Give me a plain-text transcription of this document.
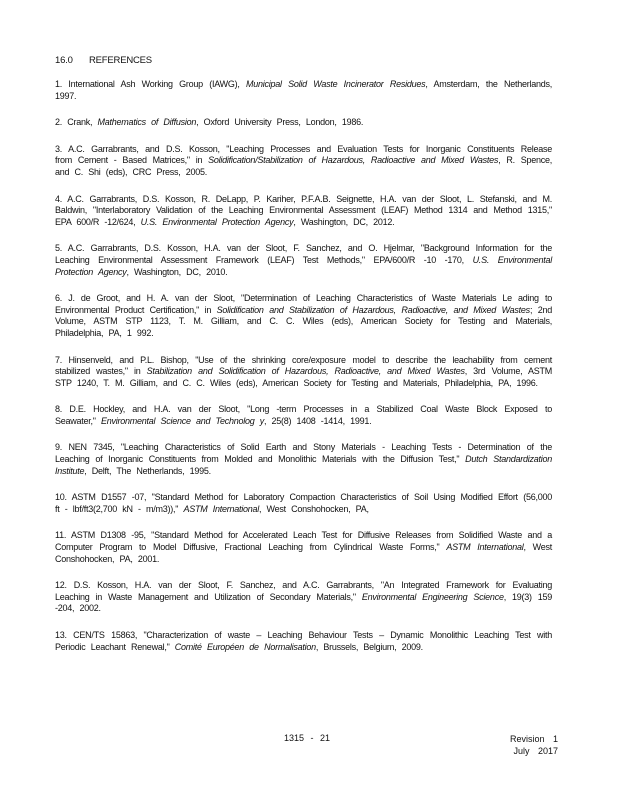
16.0 REFERENCES

1. International Ash Working Group (IAWG), Municipal Solid Waste Incinerator Residues, Amsterdam, the Netherlands, 1997.

2. Crank, Mathematics of Diffusion, Oxford University Press, London, 1986.

3. A.C. Garrabrants, and D.S. Kosson, "Leaching Processes and Evaluation Tests for Inorganic Constituents Release from Cement - Based Matrices," in Solidification/Stabilization of Hazardous, Radioactive and Mixed Wastes, R. Spence, and C. Shi (eds), CRC Press, 2005.

4. A.C. Garrabrants, D.S. Kosson, R. DeLapp, P. Kariher, P.F.A.B. Seignette, H.A. van der Sloot, L. Stefanski, and M. Baldwin, "Interlaboratory Validation of the Leaching Environmental Assessment (LEAF) Method 1314 and Method 1315," EPA 600/R -12/624, U.S. Environmental Protection Agency, Washington, DC, 2012.

5. A.C. Garrabrants, D.S. Kosson, H.A. van der Sloot, F. Sanchez, and O. Hjelmar, "Background Information for the Leaching Environmental Assessment Framework (LEAF) Test Methods," EPA/600/R -10 -170, U.S. Environmental Protection Agency, Washington, DC, 2010.

6. J. de Groot, and H. A. van der Sloot, "Determination of Leaching Characteristics of Waste Materials Le ading to Environmental Product Certification," in Solidification and Stabilization of Hazardous, Radioactive, and Mixed Wastes; 2nd Volume, ASTM STP 1123, T. M. Gilliam, and C. C. Wiles (eds), American Society for Testing and Materials, Philadelphia, PA, 1 992.

7. Hinsenveld, and P.L. Bishop, "Use of the shrinking core/exposure model to describe the leachability from cement stabilized wastes," in Stabilization and Solidification of Hazardous, Radioactive, and Mixed Wastes, 3rd Volume, ASTM STP 1240, T. M. Gilliam, and C. C. Wiles (eds), American Society for Testing and Materials, Philadelphia, PA, 1996.

8. D.E. Hockley, and H.A. van der Sloot, "Long -term Processes in a Stabilized Coal Waste Block Exposed to Seawater," Environmental Science and Technolog y, 25(8) 1408 -1414, 1991.

9. NEN 7345, "Leaching Characteristics of Solid Earth and Stony Materials - Leaching Tests - Determination of the Leaching of Inorganic Constituents from Molded and Monolithic Materials with the Diffusion Test," Dutch Standardization Institute, Delft, The Netherlands, 1995.

10. ASTM D1557 -07, "Standard Method for Laboratory Compaction Characteristics of Soil Using Modified Effort (56,000 ft - lbf/ft3(2,700 kN - m/m3))," ASTM International, West Conshohocken, PA,

11. ASTM D1308 -95, "Standard Method for Accelerated Leach Test for Diffusive Releases from Solidified Waste and a Computer Program to Model Diffusive, Fractional Leaching from Cylindrical Waste Forms," ASTM International, West Conshohocken, PA, 2001.

12. D.S. Kosson, H.A. van der Sloot, F. Sanchez, and A.C. Garrabrants, "An Integrated Framework for Evaluating Leaching in Waste Management and Utilization of Secondary Materials," Environmental Engineering Science, 19(3) 159 -204, 2002.

13. CEN/TS 15863, "Characterization of waste – Leaching Behaviour Tests – Dynamic Monolithic Leaching Test with Periodic Leachant Renewal," Comité Européen de Normalisation, Brussels, Belgium, 2009.

1315 - 21	Revision 1
July 2017
